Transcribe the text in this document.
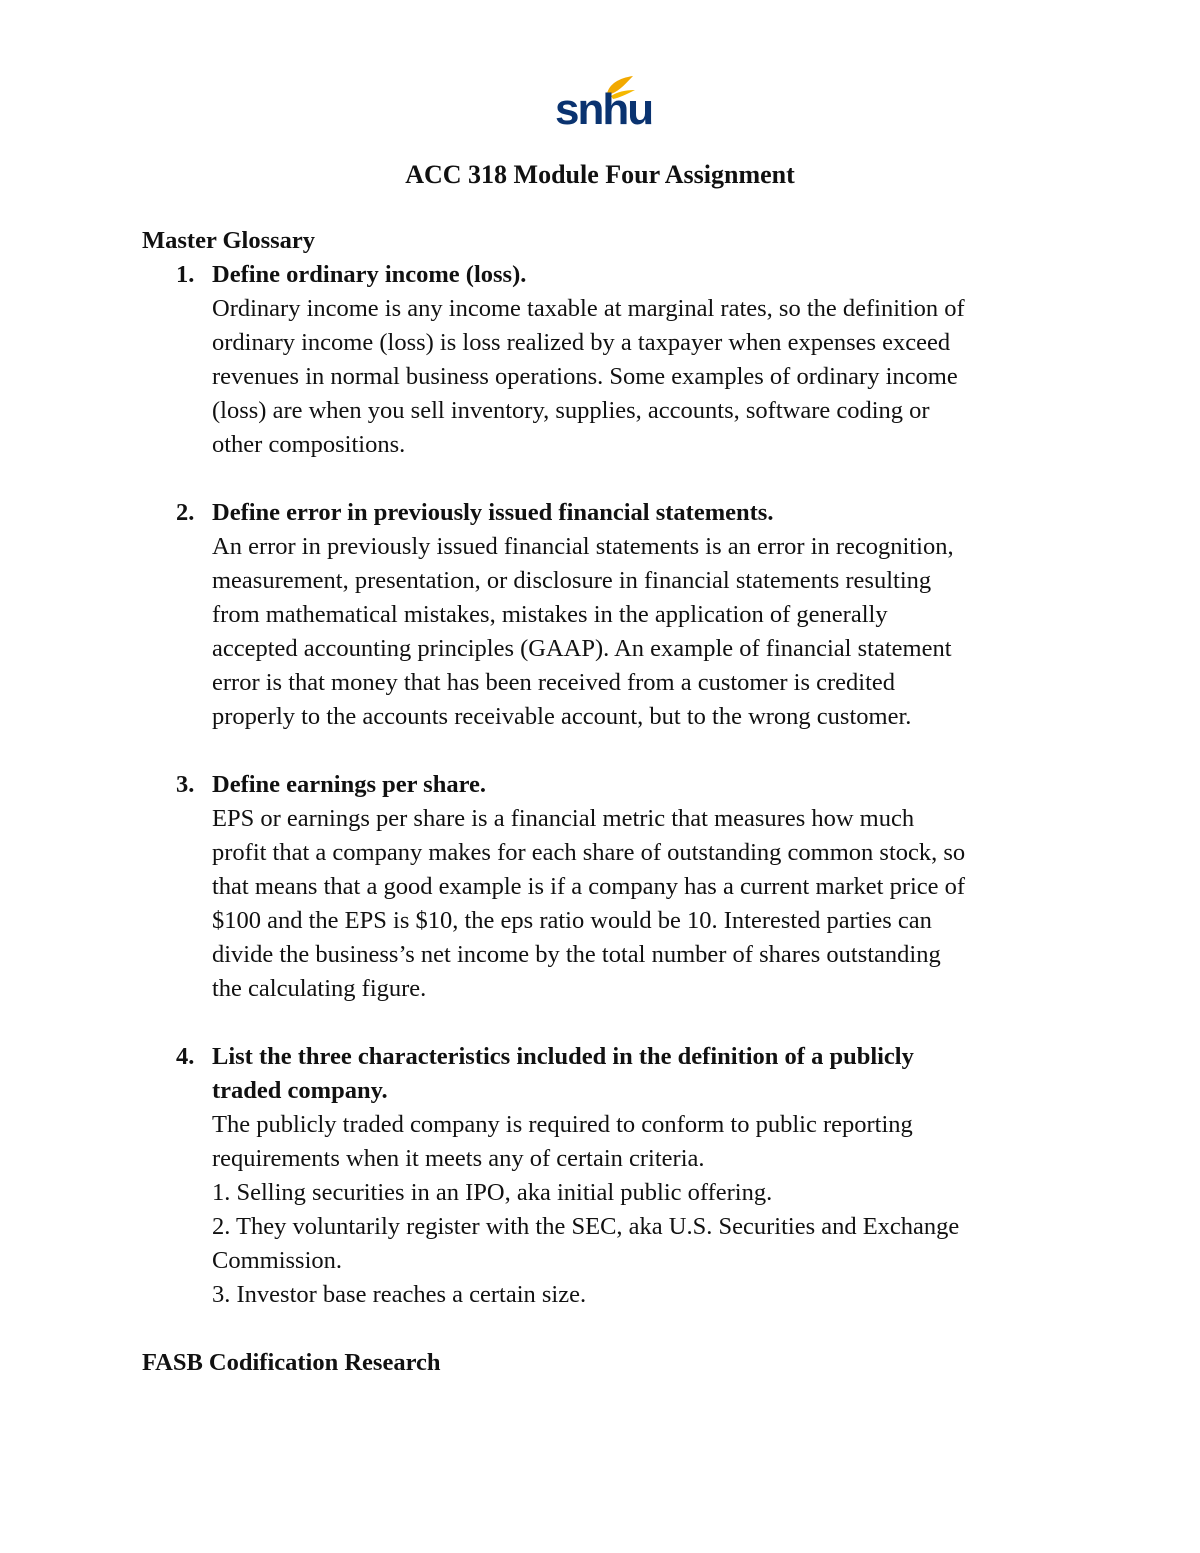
snhu
ACC 318 Module Four Assignment

Master Glossary

1. Define ordinary income (loss).
Ordinary income is any income taxable at marginal rates, so the definition of
ordinary income (loss) is loss realized by a taxpayer when expenses exceed
revenues in normal business operations. Some examples of ordinary income
(loss) are when you sell inventory, supplies, accounts, software coding or
other compositions.
2. Define error in previously issued financial statements.
An error in previously issued financial statements is an error in recognition,
measurement, presentation, or disclosure in financial statements resulting
from mathematical mistakes, mistakes in the application of generally
accepted accounting principles (GAAP). An example of financial statement
error is that money that has been received from a customer is credited
properly to the accounts receivable account, but to the wrong customer.
3. Define earnings per share.
EPS or earnings per share is a financial metric that measures how much
profit that a company makes for each share of outstanding common stock, so
that means that a good example is if a company has a current market price of
$100 and the EPS is $10, the eps ratio would be 10. Interested parties can
divide the business’s net income by the total number of shares outstanding
the calculating figure.
4. List the three characteristics included in the definition of a publicly
traded company.
The publicly traded company is required to conform to public reporting
requirements when it meets any of certain criteria.
1. Selling securities in an IPO, aka initial public offering.
2. They voluntarily register with the SEC, aka U.S. Securities and Exchange
Commission.
3. Investor base reaches a certain size.

FASB Codification Research
